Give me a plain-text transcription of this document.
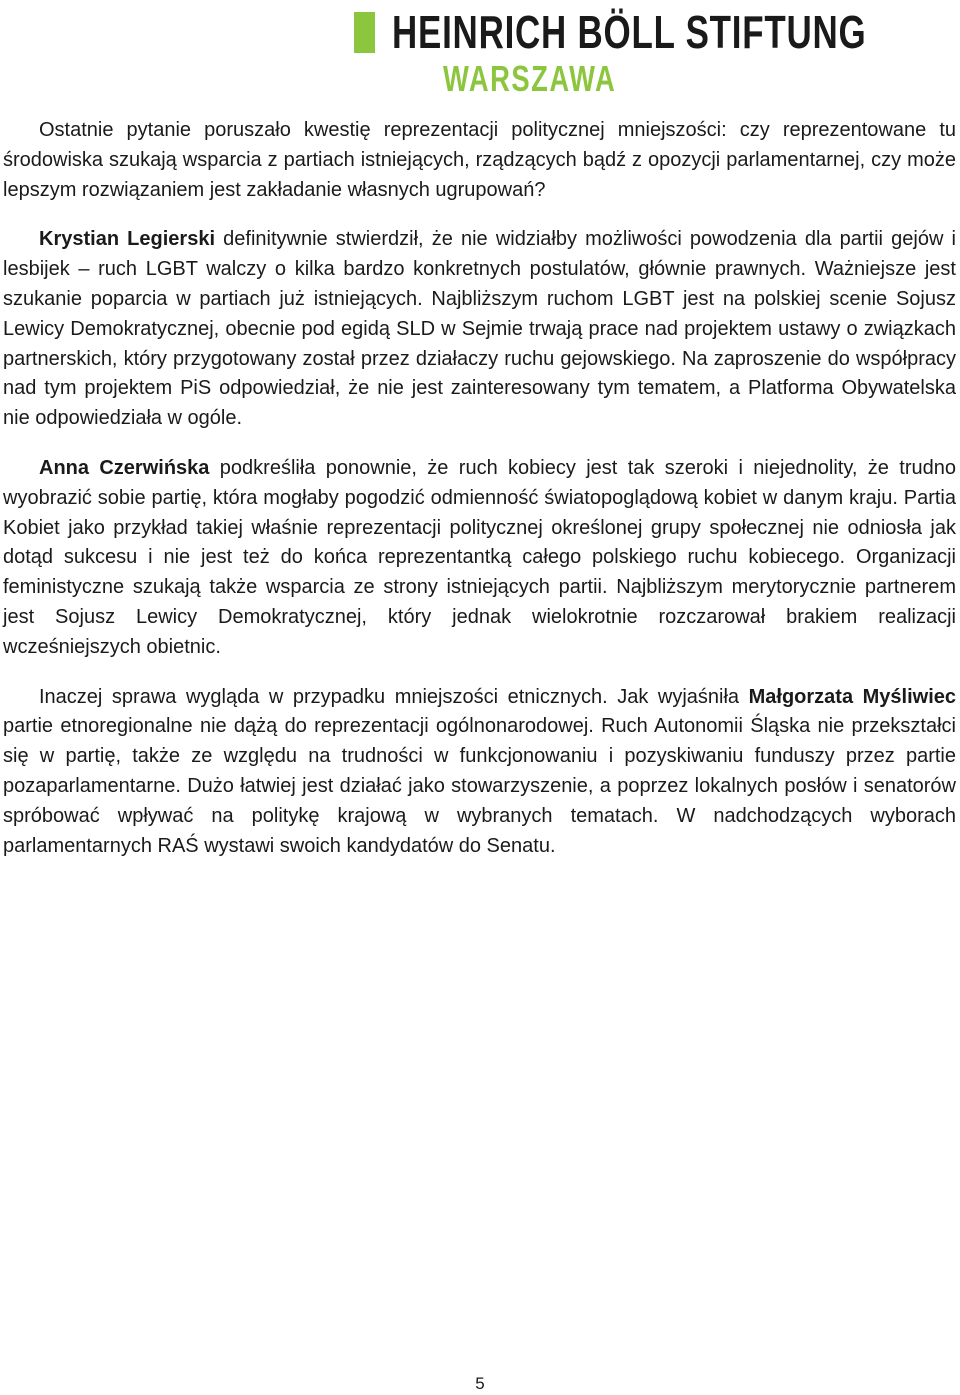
HEINRICH BÖLL STIFTUNG
WARSZAWA

Ostatnie pytanie poruszało kwestię reprezentacji politycznej mniejszości: czy reprezentowane tu środowiska szukają wsparcia z partiach istniejących, rządzących bądź z opozycji parlamentarnej, czy może lepszym rozwiązaniem jest zakładanie własnych ugrupowań?

Krystian Legierski definitywnie stwierdził, że nie widziałby możliwości powodzenia dla partii gejów i lesbijek – ruch LGBT walczy o kilka bardzo konkretnych postulatów, głównie prawnych. Ważniejsze jest szukanie poparcia w partiach już istniejących. Najbliższym ruchom LGBT jest na polskiej scenie Sojusz Lewicy Demokratycznej, obecnie pod egidą SLD w Sejmie trwają prace nad projektem ustawy o związkach partnerskich, który przygotowany został przez działaczy ruchu gejowskiego. Na zaproszenie do współpracy nad tym projektem PiS odpowiedział, że nie jest zainteresowany tym tematem, a Platforma Obywatelska nie odpowiedziała w ogóle.

Anna Czerwińska podkreśliła ponownie, że ruch kobiecy jest tak szeroki i niejednolity, że trudno wyobrazić sobie partię, która mogłaby pogodzić odmienność światopoglądową kobiet w danym kraju. Partia Kobiet jako przykład takiej właśnie reprezentacji politycznej określonej grupy społecznej nie odniosła jak dotąd sukcesu i nie jest też do końca reprezentantką całego polskiego ruchu kobiecego. Organizacji feministyczne szukają także wsparcia ze strony istniejących partii. Najbliższym merytorycznie partnerem jest Sojusz Lewicy Demokratycznej, który jednak wielokrotnie rozczarował brakiem realizacji wcześniejszych obietnic.

Inaczej sprawa wygląda w przypadku mniejszości etnicznych. Jak wyjaśniła Małgorzata Myśliwiec partie etnoregionalne nie dążą do reprezentacji ogólnonarodowej. Ruch Autonomii Śląska nie przekształci się w partię, także ze względu na trudności w funkcjonowaniu i pozyskiwaniu funduszy przez partie pozaparlamentarne. Dużo łatwiej jest działać jako stowarzyszenie, a poprzez lokalnych posłów i senatorów spróbować wpływać na politykę krajową w wybranych tematach. W nadchodzących wyborach parlamentarnych RAŚ wystawi swoich kandydatów do Senatu.

5
